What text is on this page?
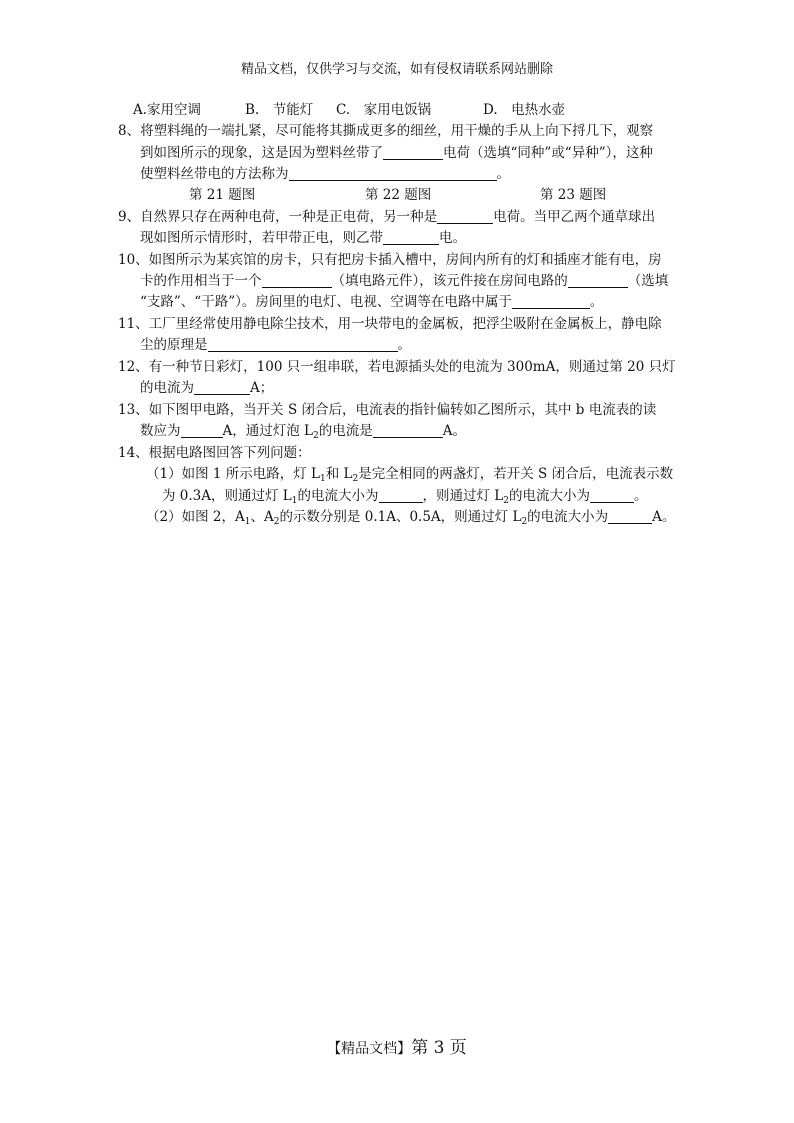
精品文档，仅供学习与交流，如有侵权请联系网站删除
A.家用空调	B.　节能灯 C.　家用电饭锅	D.　电热水壶
8、将塑料绳的一端扎紧，尽可能将其撕成更多的细丝，用干燥的手从上向下捋几下，观察
到如图所示的现象，这是因为塑料丝带了	电荷（选填“同种”或“异种”），这种
使塑料丝带电的方法称为	。
第 21 题图	第 22 题图	第 23 题图
9、自然界只存在两种电荷，一种是正电荷，另一种是	电荷。当甲乙两个通草球出
现如图所示情形时，若甲带正电，则乙带	电。
10、如图所示为某宾馆的房卡，只有把房卡插入槽中，房间内所有的灯和插座才能有电，房
卡的作用相当于一个	（填电路元件），该元件接在房间电路的	（选填
“支路”、“干路”）。房间里的电灯、电视、空调等在电路中属于	。
11、工厂里经常使用静电除尘技术，用一块带电的金属板，把浮尘吸附在金属板上，静电除
尘的原理是	。
12、有一种节日彩灯，100 只一组串联，若电源插头处的电流为 300mA，则通过第 20 只灯
的电流为	A；
13、如下图甲电路，当开关 S 闭合后，电流表的指针偏转如乙图所示，其中 b 电流表的读
数应为	A，通过灯泡 $L_2$的电流是	A。
14、根据电路图回答下列问题：
（1）如图 1 所示电路，灯 $L_1$和 $L_2$是完全相同的两盏灯，若开关 S 闭合后，电流表示数
为 0.3A，则通过灯 $L_1$的电流大小为	，则通过灯 $L_2$的电流大小为	。
（2）如图 2，$A_1$、$A_2$的示数分别是 0.1A、0.5A，则通过灯 $L_2$的电流大小为	A。
【精品文档】第 3 页
